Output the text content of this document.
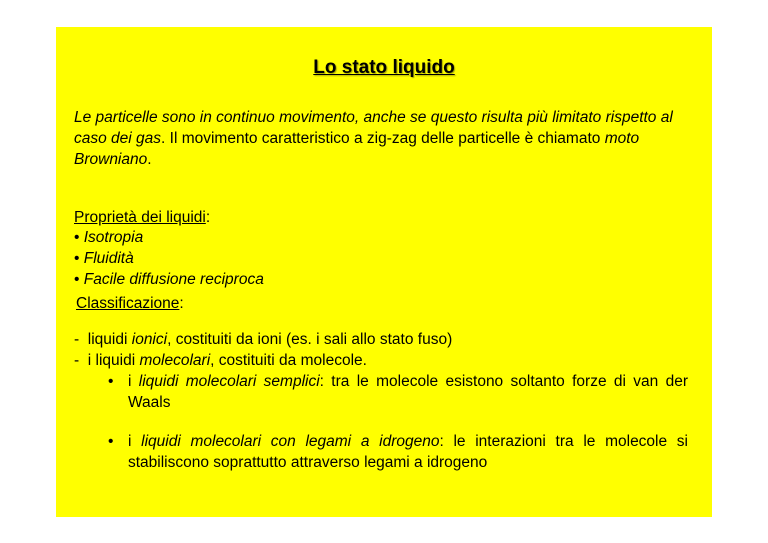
Lo stato liquido
Le particelle sono in continuo movimento, anche se questo risulta più limitato rispetto al caso dei gas. Il movimento caratteristico a zig-zag delle particelle è chiamato moto Browniano.
Proprietà dei liquidi:
• Isotropia
• Fluidità
• Facile diffusione reciproca
Classificazione:
- liquidi ionici, costituiti da ioni (es. i sali allo stato fuso)
- i liquidi molecolari, costituiti da molecole.
• i liquidi molecolari semplici: tra le molecole esistono soltanto forze di van der Waals
• i liquidi molecolari con legami a idrogeno: le interazioni tra le molecole si stabiliscono soprattutto attraverso legami a idrogeno
